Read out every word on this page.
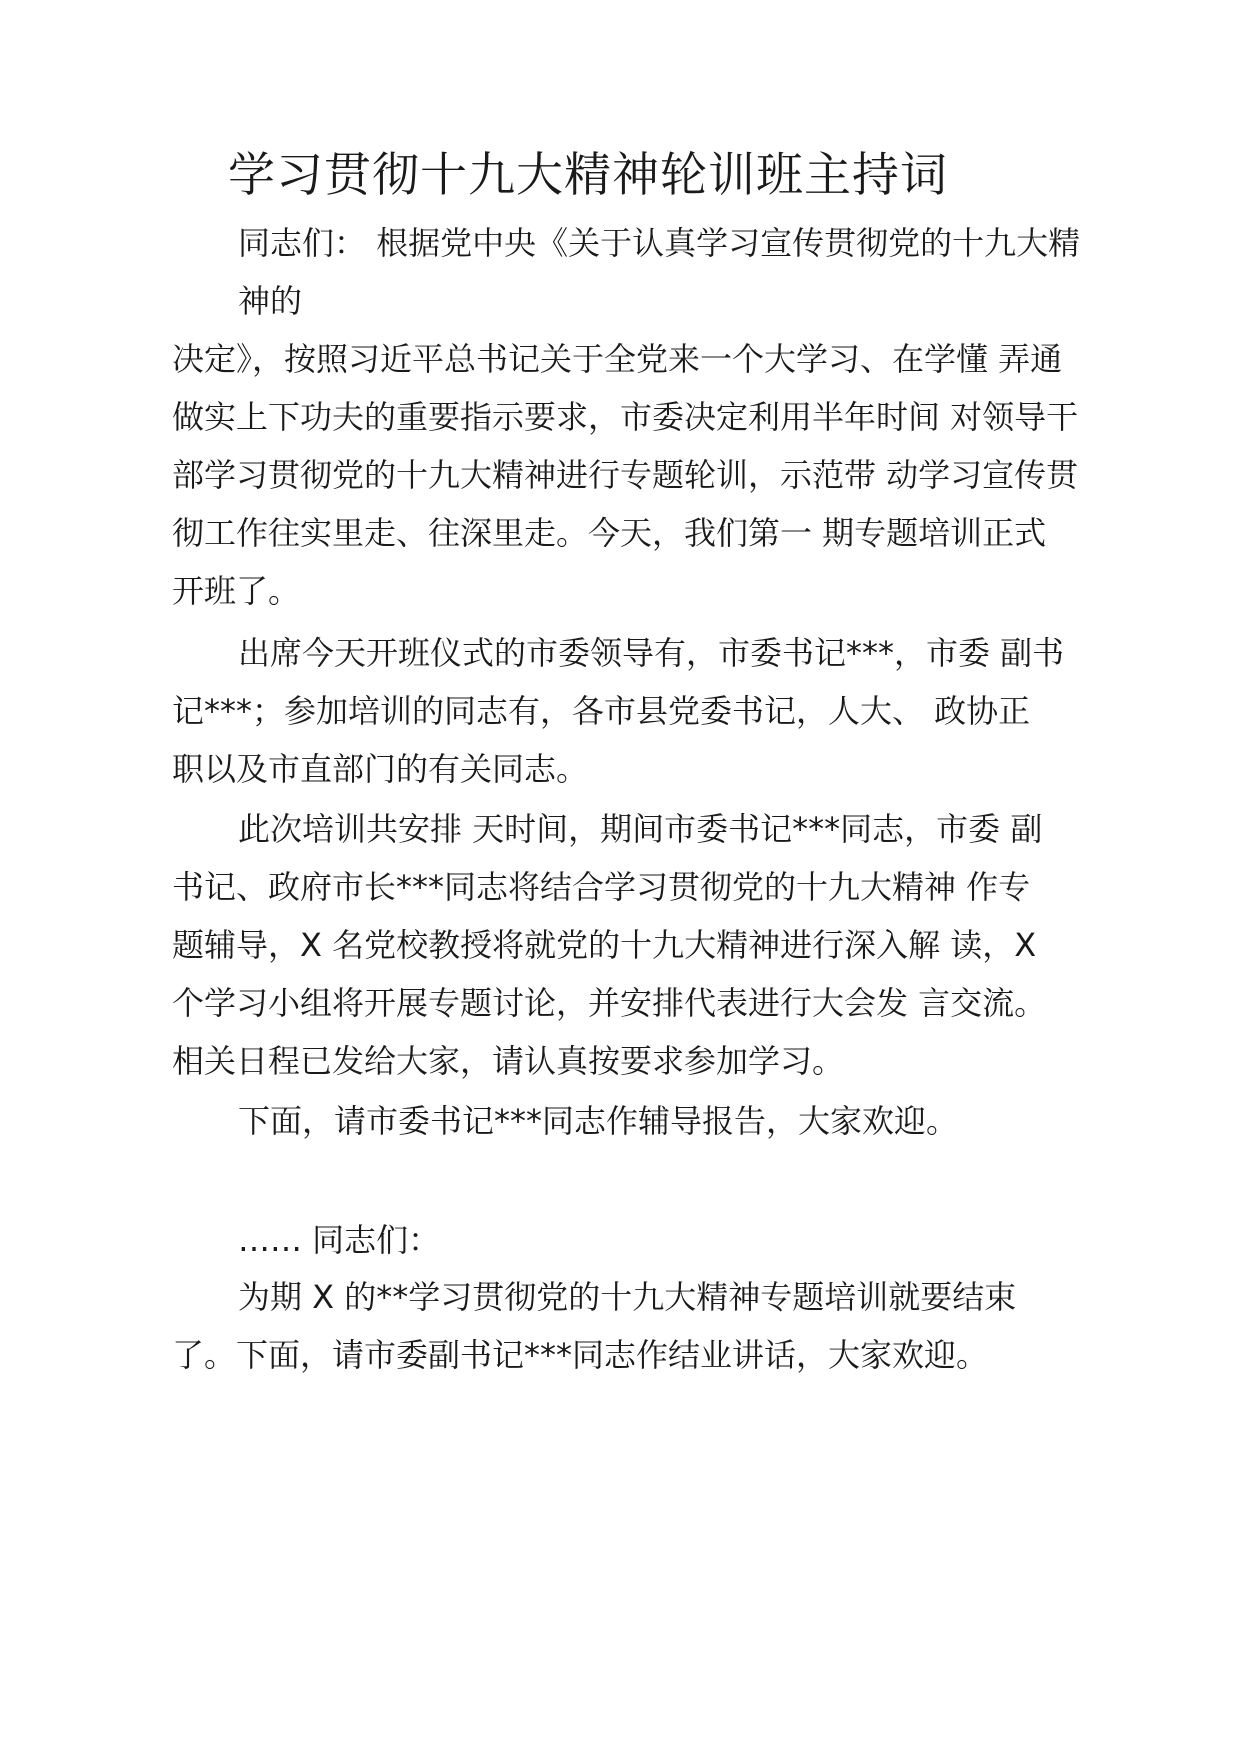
学习贯彻十九大精神轮训班主持词
同志们： 根据党中央《关于认真学习宣传贯彻党的十九大精
神的
决定》，按照习近平总书记关于全党来一个大学习、在学懂 弄通
做实上下功夫的重要指示要求，市委决定利用半年时间 对领导干
部学习贯彻党的十九大精神进行专题轮训，示范带 动学习宣传贯
彻工作往实里走、往深里走。今天，我们第一 期专题培训正式
开班了。
出席今天开班仪式的市委领导有，市委书记***，市委 副书
记***；参加培训的同志有，各市县党委书记，人大、 政协正
职以及市直部门的有关同志。
此次培训共安排 天时间，期间市委书记***同志，市委 副
书记、政府市长***同志将结合学习贯彻党的十九大精神 作专
题辅导，X 名党校教授将就党的十九大精神进行深入解 读，X
个学习小组将开展专题讨论，并安排代表进行大会发 言交流。
相关日程已发给大家，请认真按要求参加学习。
下面，请市委书记***同志作辅导报告，大家欢迎。
…… 同志们：
为期 X 的**学习贯彻党的十九大精神专题培训就要结束
了。下面，请市委副书记***同志作结业讲话，大家欢迎。
